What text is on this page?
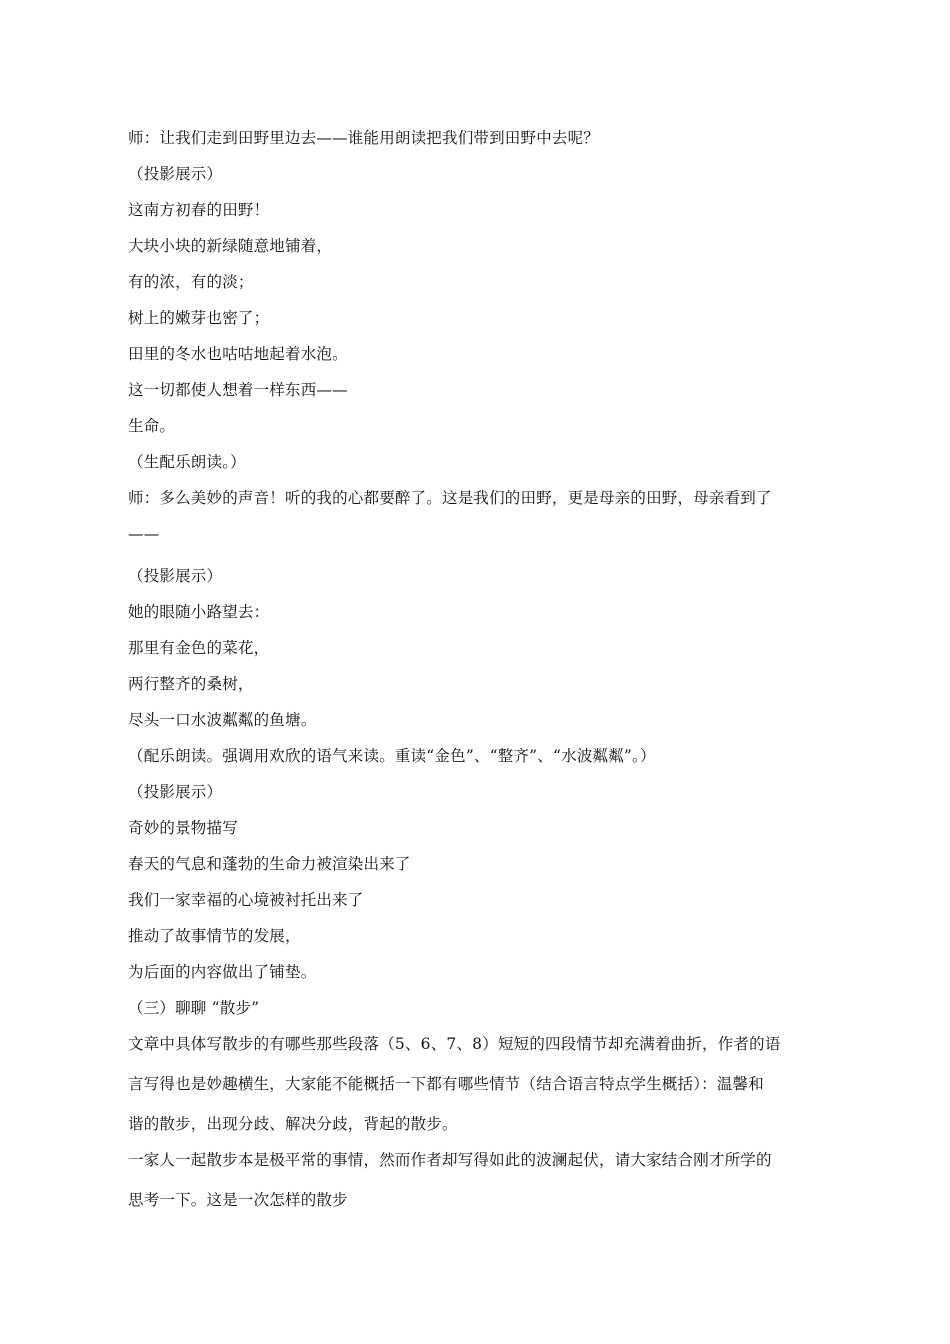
师：让我们走到田野里边去——谁能用朗读把我们带到田野中去呢？
（投影展示）
这南方初春的田野！
大块小块的新绿随意地铺着，
有的浓，有的淡；
树上的嫩芽也密了；
田里的冬水也咕咕地起着水泡。
这一切都使人想着一样东西——
生命。
（生配乐朗读。）
师：多么美妙的声音！听的我的心都要醉了。这是我们的田野，更是母亲的田野，母亲看到了
——
（投影展示）
她的眼随小路望去：
那里有金色的菜花，
两行整齐的桑树，
尽头一口水波粼粼的鱼塘。
（配乐朗读。强调用欢欣的语气来读。重读“金色”、“整齐”、“水波粼粼”。）
（投影展示）
奇妙的景物描写
春天的气息和蓬勃的生命力被渲染出来了
我们一家幸福的心境被衬托出来了
推动了故事情节的发展，
为后面的内容做出了铺垫。
（三）聊聊 “散步”
文章中具体写散步的有哪些那些段落（5、6、7、8）短短的四段情节却充满着曲折，作者的语
言写得也是妙趣横生，大家能不能概括一下都有哪些情节（结合语言特点学生概括）：温馨和
谐的散步，出现分歧、解决分歧，背起的散步。
一家人一起散步本是极平常的事情，然而作者却写得如此的波澜起伏，请大家结合刚才所学的
思考一下。这是一次怎样的散步
